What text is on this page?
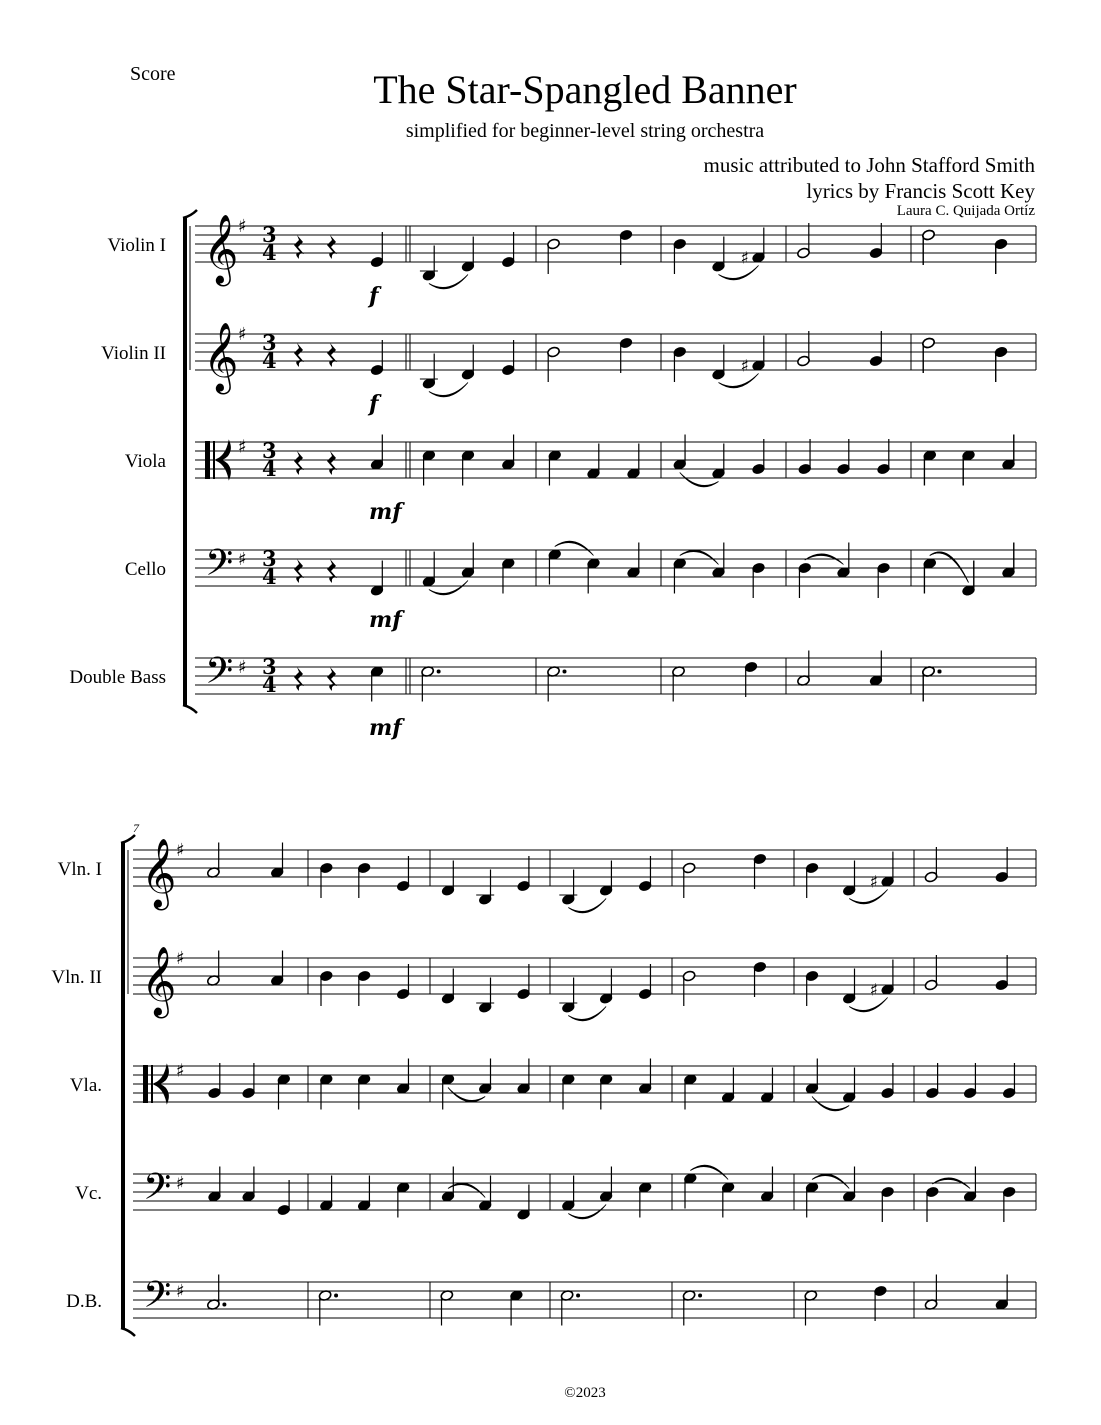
Score	The Star-Spangled Banner
simplified for beginner-level string orchestra
music attributed to John Stafford Smith
lyrics by Francis Scott Key
Laura C. Quijada Ortíz
Violin I 𝄞 ♯ 3
4
f
♯
Violin II 𝄞 ♯ 3
4
f
♯
Viola
♯ 3
4
mf
Cello 𝄢 ♯ 3
4
mf
Double Bass 𝄢 ♯ 3
4
mf
7
Vln. I 𝄞 ♯
♯
Vln. II 𝄞 ♯
♯
Vla.
♯
Vc. 𝄢 ♯
D.B. 𝄢 ♯
©2023
